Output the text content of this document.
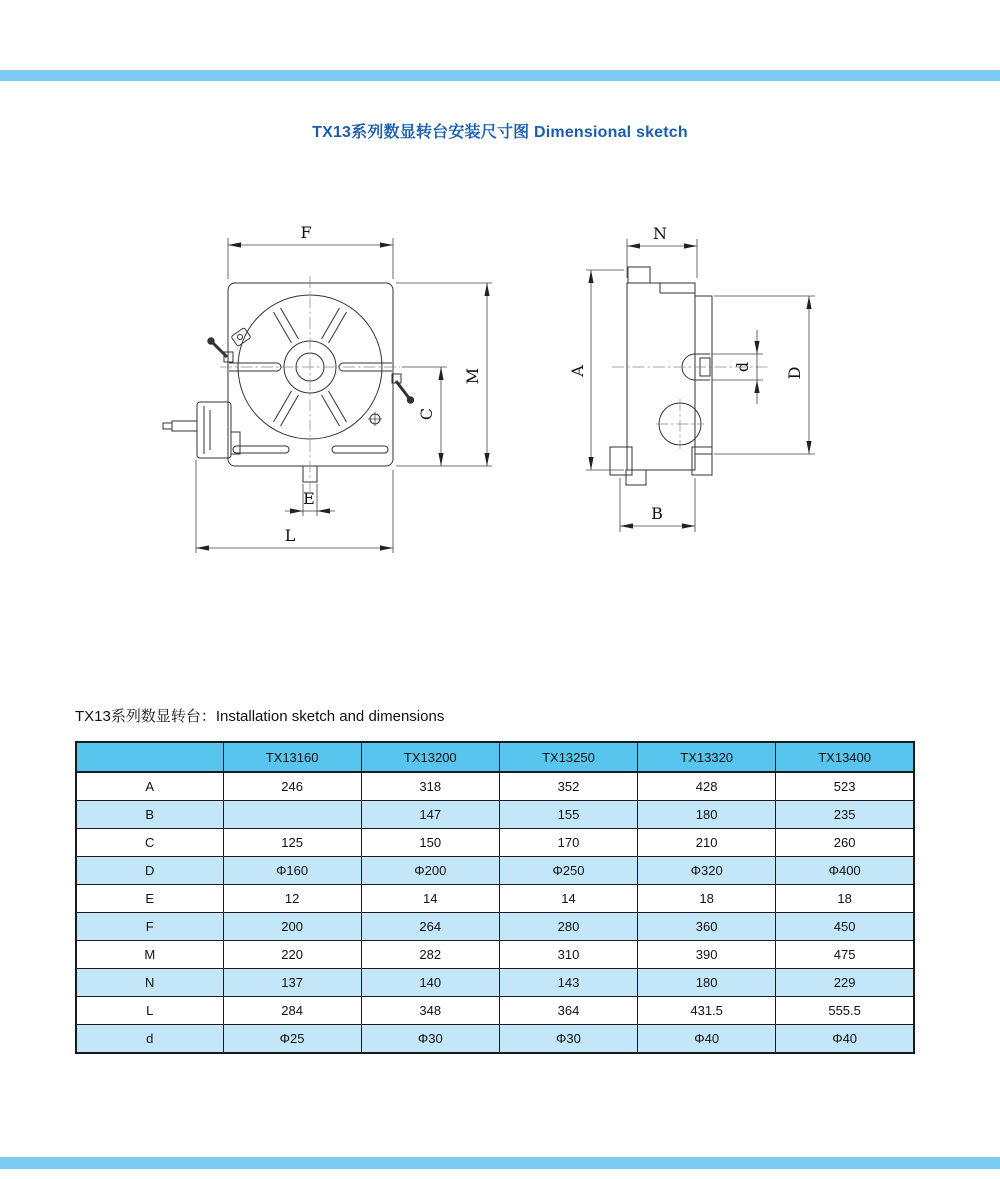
TX13系列数显转台安装尺寸图 Dimensional sketch
F
M
C
E
L
N
A	d D
B
TX13系列数显转台：Installation sketch and dimensions
	TX13160	TX13200	TX13250	TX13320	TX13400
A	246	318	352	428	523
B		147	155	180	235
C	125	150	170	210	260
D	Φ160	Φ200	Φ250	Φ320	Φ400
E	12	14	14	18	18
F	200	264	280	360	450
M	220	282	310	390	475
N	137	140	143	180	229
L	284	348	364	431.5	555.5
d	Φ25	Φ30	Φ30	Φ40	Φ40
